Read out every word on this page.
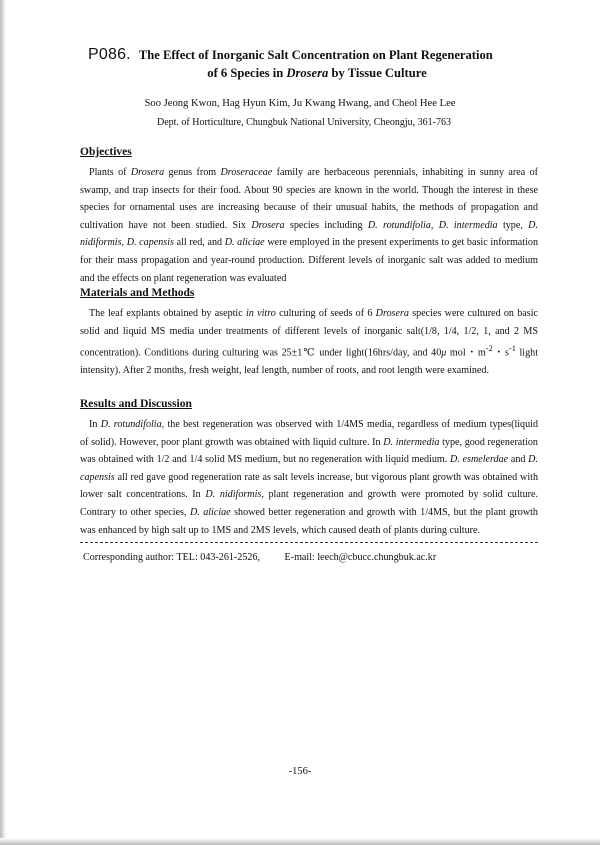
P086. The Effect of Inorganic Salt Concentration on Plant Regeneration
of 6 Species in Drosera by Tissue Culture
Soo Jeong Kwon, Hag Hyun Kim, Ju Kwang Hwang, and Cheol Hee Lee
Dept. of Horticulture, Chungbuk National University, Cheongju, 361-763
Objectives

Plants of Drosera genus from Droseraceae family are herbaceous perennials, inhabiting in sunny area of swamp, and trap insects for their food. About 90 species are known in the world. Though the interest in these species for ornamental uses are increasing because of their unusual habits, the methods of propagation and cultivation have not been studied. Six Drosera species including D. rotundifolia, D. intermedia type, D. nidiformis, D. capensis all red, and D. aliciae were employed in the present experiments to get basic information for their mass propagation and year-round production. Different levels of inorganic salt was added to medium and the effects on plant regeneration was evaluated

Materials and Methods

The leaf explants obtained by aseptic in vitro culturing of seeds of 6 Drosera species were cultured on basic solid and liquid MS media under treatments of different levels of inorganic salt(1/8, 1/4, 1/2, 1, and 2 MS concentration). Conditions during culturing was 25±1℃ under light(16hrs/day, and 40μ mol・$m^{-2}$・$s^{-1}$ light intensity). After 2 months, fresh weight, leaf length, number of roots, and root length were examined.

Results and Discussion

In D. rotundifolia, the best regeneration was observed with 1/4MS media, regardless of medium types(liquid of solid). However, poor plant growth was obtained with liquid culture. In D. intermedia type, good regeneration was obtained with 1/2 and 1/4 solid MS medium, but no regeneration with liquid medium. D. esmelerdae and D. capensis all red gave good regeneration rate as salt levels increase, but vigorous plant growth was obtained with lower salt concentrations. In D. nidiformis, plant regeneration and growth were promoted by solid culture. Contrary to other species, D. aliciae showed better regeneration and growth with 1/4MS, but the plant growth was enhanced by high salt up to 1MS and 2MS levels, which caused death of plants during culture.

Corresponding author: TEL: 043-261-2526, E-mail: leech@cbucc.chungbuk.ac.kr
-156-
